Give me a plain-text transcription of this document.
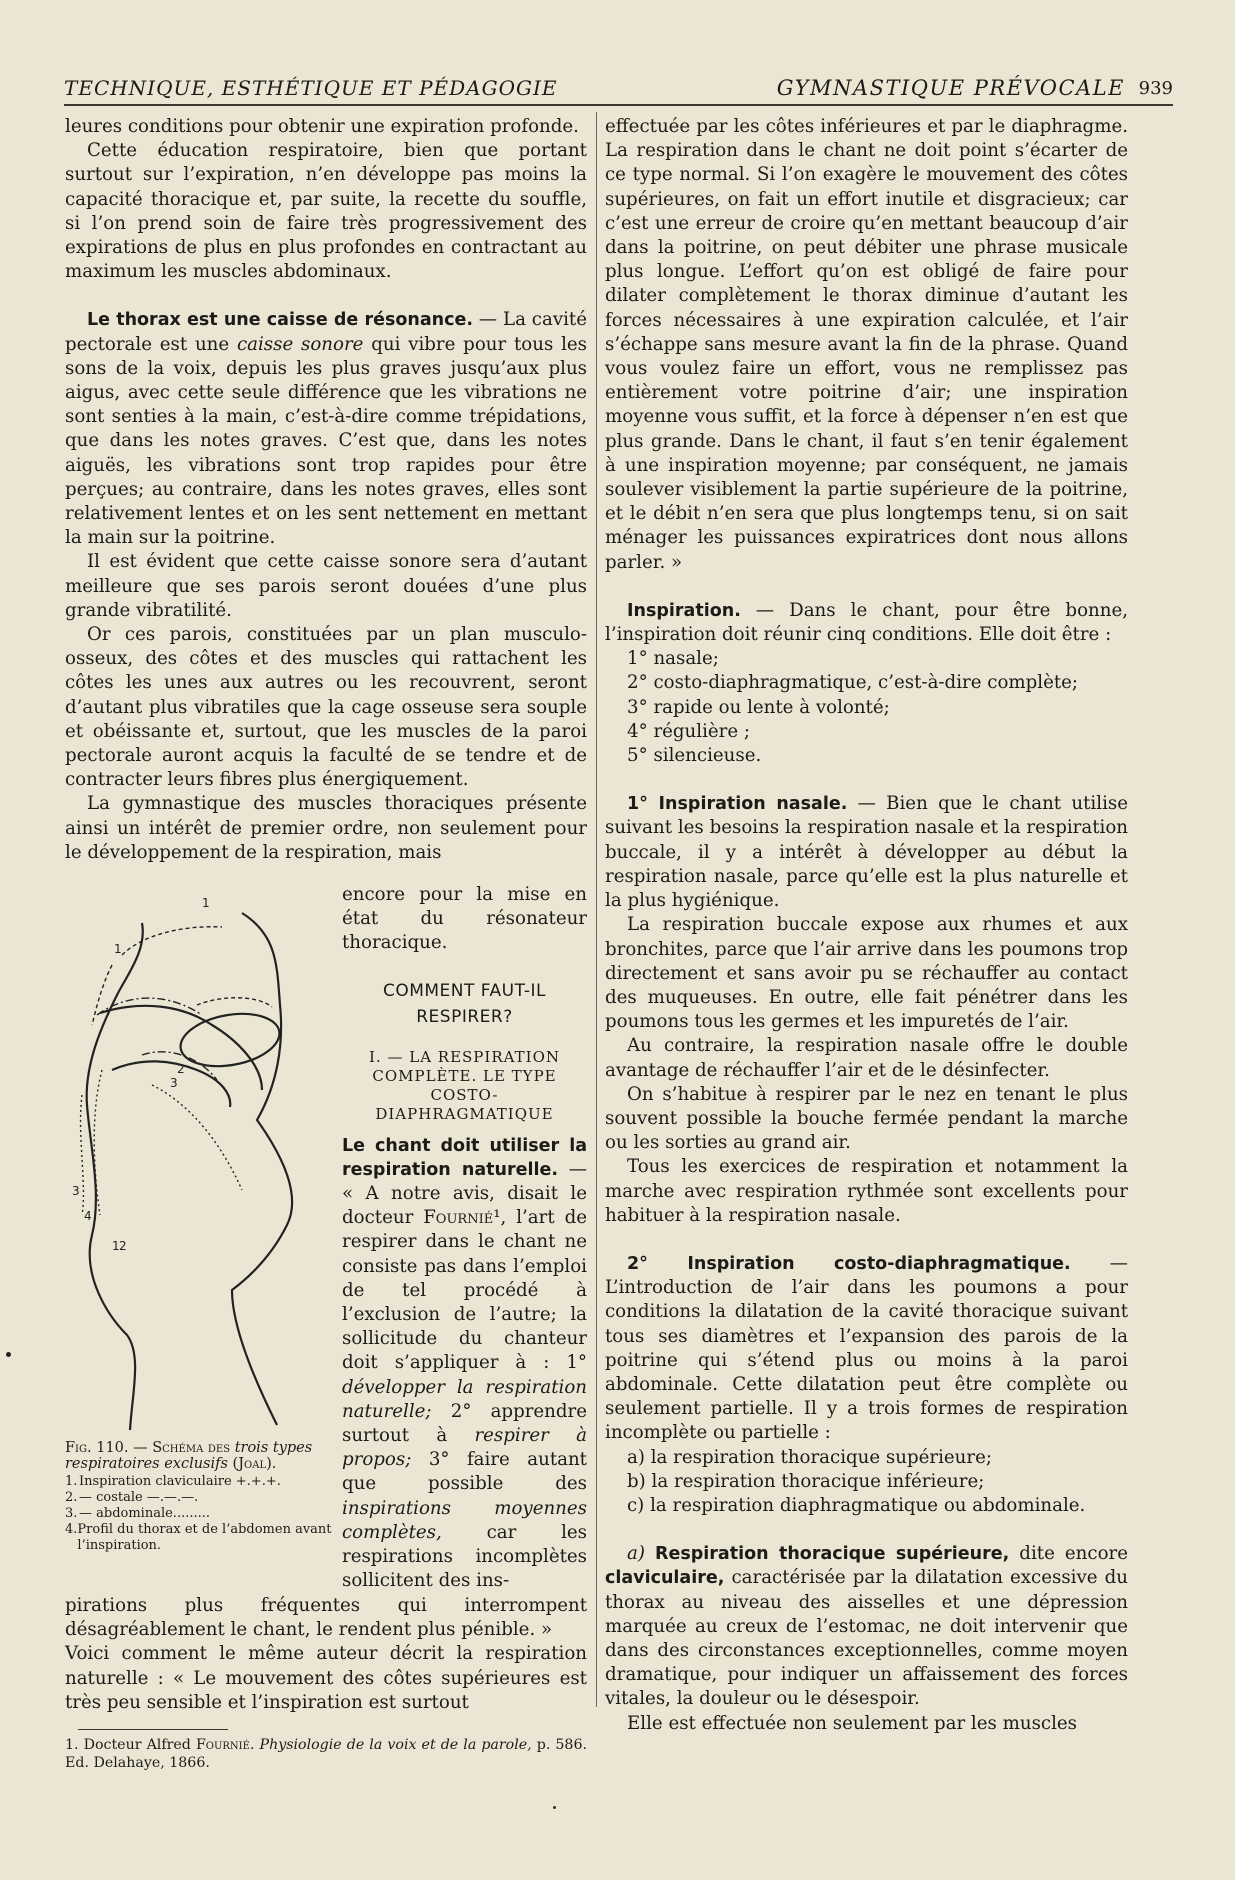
TECHNIQUE, ESTHÉTIQUE ET PÉDAGOGIE	GYMNASTIQUE PRÉVOCALE 939

leures conditions pour obtenir une expiration profonde.

Cette éducation respiratoire, bien que portant surtout sur l’expiration, n’en développe pas moins la capacité thoracique et, par suite, la recette du souffle, si l’on prend soin de faire très progressivement des expirations de plus en plus profondes en contractant au maximum les muscles abdominaux.

Le thorax est une caisse de résonance. — La cavité pectorale est une caisse sonore qui vibre pour tous les sons de la voix, depuis les plus graves jusqu’aux plus aigus, avec cette seule différence que les vibrations ne sont senties à la main, c’est-à-dire comme trépidations, que dans les notes graves. C’est que, dans les notes aiguës, les vibrations sont trop rapides pour être perçues; au contraire, dans les notes graves, elles sont relativement lentes et on les sent nettement en mettant la main sur la poitrine.

Il est évident que cette caisse sonore sera d’autant meilleure que ses parois seront douées d’une plus grande vibratilité.

Or ces parois, constituées par un plan musculo-osseux, des côtes et des muscles qui rattachent les côtes les unes aux autres ou les recouvrent, seront d’autant plus vibratiles que la cage osseuse sera souple et obéissante et, surtout, que les muscles de la paroi pectorale auront acquis la faculté de se tendre et de contracter leurs fibres plus énergiquement.

La gymnastique des muscles thoraciques présente ainsi un intérêt de premier ordre, non seulement pour le développement de la respiration, mais

1
1
2
3
3
4
1 2
Fig. 110. — Schéma des trois types respiratoires exclusifs (Joal).
1. Inspiration claviculaire +.+.+.
2. — costale —.—.—.
3. — abdominale.........
4. Profil du thorax et de l’abdomen avant l’inspiration.

encore pour la mise en état du résonateur thoracique.

COMMENT FAUT-IL RESPIRER?
I. — LA RESPIRATION COMPLÈTE. LE TYPE COSTO-DIAPHRAGMATIQUE

Le chant doit utiliser la respiration naturelle. — « A notre avis, disait le docteur Fournié¹, l’art de respirer dans le chant ne consiste pas dans l’emploi de tel procédé à l’exclusion de l’autre; la sollicitude du chanteur doit s’appliquer à : 1° développer la respiration naturelle; 2° apprendre surtout à respirer à propos; 3° faire autant que possible des inspirations moyennes complètes, car les respirations incomplètes sollicitent des ins-

pirations plus fréquentes qui interrompent désagréablement le chant, le rendent plus pénible. »

Voici comment le même auteur décrit la respiration naturelle : « Le mouvement des côtes supérieures est très peu sensible et l’inspiration est surtout

1. Docteur Alfred Fournié. Physiologie de la voix et de la parole, p. 586. Ed. Delahaye, 1866.

effectuée par les côtes inférieures et par le diaphragme. La respiration dans le chant ne doit point s’écarter de ce type normal. Si l’on exagère le mouvement des côtes supérieures, on fait un effort inutile et disgracieux; car c’est une erreur de croire qu’en mettant beaucoup d’air dans la poitrine, on peut débiter une phrase musicale plus longue. L’effort qu’on est obligé de faire pour dilater complètement le thorax diminue d’autant les forces nécessaires à une expiration calculée, et l’air s’échappe sans mesure avant la fin de la phrase. Quand vous voulez faire un effort, vous ne remplissez pas entièrement votre poitrine d’air; une inspiration moyenne vous suffit, et la force à dépenser n’en est que plus grande. Dans le chant, il faut s’en tenir également à une inspiration moyenne; par conséquent, ne jamais soulever visiblement la partie supérieure de la poitrine, et le débit n’en sera que plus longtemps tenu, si on sait ménager les puissances expiratrices dont nous allons parler. »

Inspiration. — Dans le chant, pour être bonne, l’inspiration doit réunir cinq conditions. Elle doit être :

1° nasale;

2° costo-diaphragmatique, c’est-à-dire complète;

3° rapide ou lente à volonté;

4° régulière ;

5° silencieuse.

1° Inspiration nasale. — Bien que le chant utilise suivant les besoins la respiration nasale et la respiration buccale, il y a intérêt à développer au début la respiration nasale, parce qu’elle est la plus naturelle et la plus hygiénique.

La respiration buccale expose aux rhumes et aux bronchites, parce que l’air arrive dans les poumons trop directement et sans avoir pu se réchauffer au contact des muqueuses. En outre, elle fait pénétrer dans les poumons tous les germes et les impuretés de l’air.

Au contraire, la respiration nasale offre le double avantage de réchauffer l’air et de le désinfecter.

On s’habitue à respirer par le nez en tenant le plus souvent possible la bouche fermée pendant la marche ou les sorties au grand air.

Tous les exercices de respiration et notamment la marche avec respiration rythmée sont excellents pour habituer à la respiration nasale.

2° Inspiration costo-diaphragmatique. — L’introduction de l’air dans les poumons a pour conditions la dilatation de la cavité thoracique suivant tous ses diamètres et l’expansion des parois de la poitrine qui s’étend plus ou moins à la paroi abdominale. Cette dilatation peut être complète ou seulement partielle. Il y a trois formes de respiration incomplète ou partielle :

a) la respiration thoracique supérieure;

b) la respiration thoracique inférieure;

c) la respiration diaphragmatique ou abdominale.

a) Respiration thoracique supérieure, dite encore claviculaire, caractérisée par la dilatation excessive du thorax au niveau des aisselles et une dépression marquée au creux de l’estomac, ne doit intervenir que dans des circonstances exceptionnelles, comme moyen dramatique, pour indiquer un affaissement des forces vitales, la douleur ou le désespoir.

Elle est effectuée non seulement par les muscles
